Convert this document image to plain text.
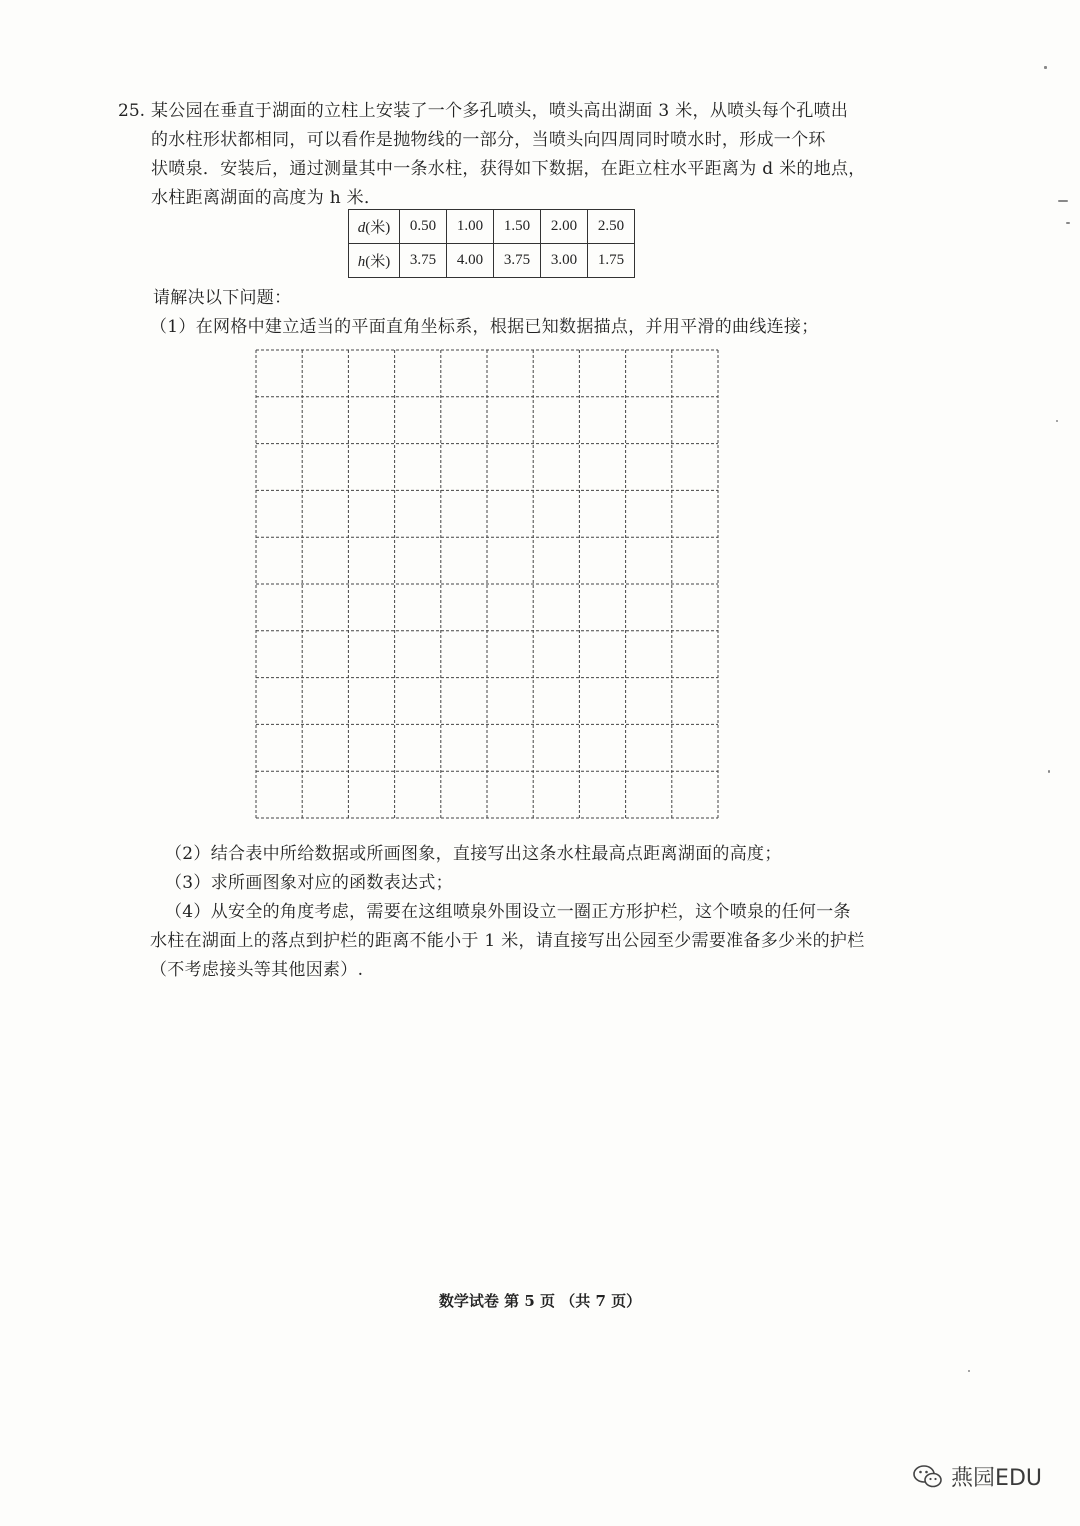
25. 某公园在垂直于湖面的立柱上安装了一个多孔喷头，喷头高出湖面 3 米，从喷头每个孔喷出
的水柱形状都相同，可以看作是抛物线的一部分，当喷头向四周同时喷水时，形成一个环
状喷泉．安装后，通过测量其中一条水柱，获得如下数据，在距立柱水平距离为 d 米的地点，
水柱距离湖面的高度为 h 米．
d(米)	0.50	1.00	1.50	2.00	2.50
h(米)	3.75	4.00	3.75	3.00	1.75
请解决以下问题：
（1）在网格中建立适当的平面直角坐标系，根据已知数据描点，并用平滑的曲线连接；
（2）结合表中所给数据或所画图象，直接写出这条水柱最高点距离湖面的高度；
（3）求所画图象对应的函数表达式；
（4）从安全的角度考虑，需要在这组喷泉外围设立一圈正方形护栏，这个喷泉的任何一条
水柱在湖面上的落点到护栏的距离不能小于 1 米，请直接写出公园至少需要准备多少米的护栏
（不考虑接头等其他因素）.
数学试卷 第 5 页 （共 7 页）
燕园EDU
